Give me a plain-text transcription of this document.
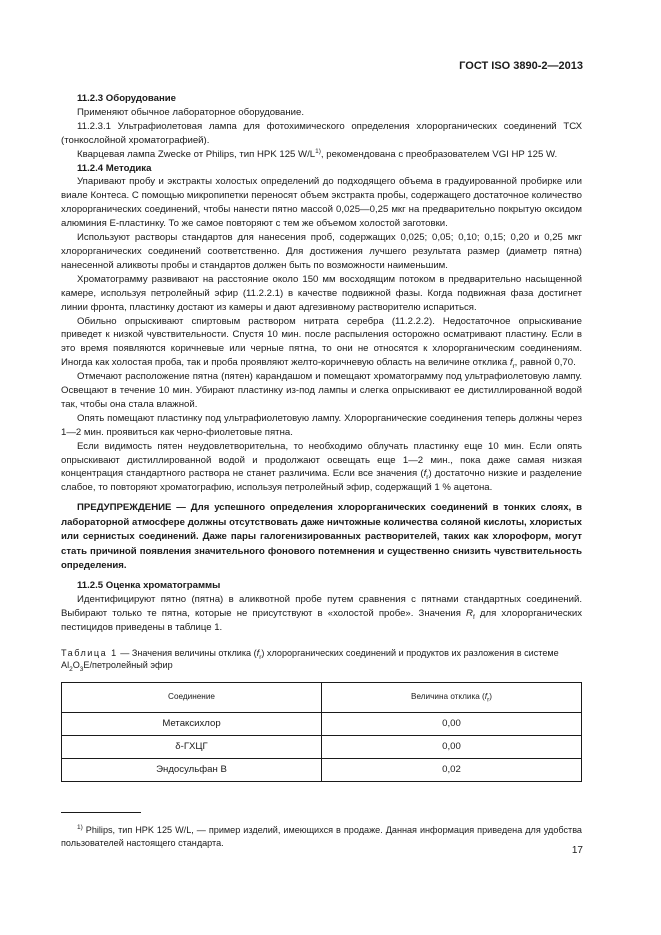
ГОСТ ISO 3890-2—2013

11.2.3 Оборудование

Применяют обычное лабораторное оборудование.

11.2.3.1 Ультрафиолетовая лампа для фотохимического определения хлорорганических соединений ТСХ (тонкослойной хроматографией).

Кварцевая лампа Zwecke от Philips, тип HPK 125 $W/L^{1)}$, рекомендована с преобразователем VGI HP 125 W.

11.2.4 Методика

Упаривают пробу и экстракты холостых определений до подходящего объема в градуированной пробирке или виале Контеса. С помощью микропипетки переносят объем экстракта пробы, содержащего достаточное количество хлорорганических соединений, чтобы нанести пятно массой 0,025—0,25 мкг на предварительно покрытую оксидом алюминия Е-пластинку. То же самое повторяют с тем же объемом холостой заготовки.

Используют растворы стандартов для нанесения проб, содержащих 0,025; 0,05; 0,10; 0,15; 0,20 и 0,25 мкг хлорорганических соединений соответственно. Для достижения лучшего результата размер (диаметр пятна) нанесенной аликвоты пробы и стандартов должен быть по возможности наименьшим.

Хроматограмму развивают на расстояние около 150 мм восходящим потоком в предварительно насыщенной камере, используя петролейный эфир (11.2.2.1) в качестве подвижной фазы. Когда подвижная фаза достигнет линии фронта, пластинку достают из камеры и дают адгезивному растворителю испариться.

Обильно опрыскивают спиртовым раствором нитрата серебра (11.2.2.2). Недостаточное опрыскивание приведет к низкой чувствительности. Спустя 10 мин. после распыления осторожно осматривают пластину. Если в это время появляются коричневые или черные пятна, то они не относятся к хлорорганическим соединениям. Иногда как холостая проба, так и проба проявляют желто-коричневую область на величине отклика $f_r$, равной 0,70.

Отмечают расположение пятна (пятен) карандашом и помещают хроматограмму под ультрафиолетовую лампу. Освещают в течение 10 мин. Убирают пластинку из-под лампы и слегка опрыскивают ее дистиллированной водой так, чтобы она стала влажной.

Опять помещают пластинку под ультрафиолетовую лампу. Хлорорганические соединения теперь должны через 1—2 мин. проявиться как черно-фиолетовые пятна.

Если видимость пятен неудовлетворительна, то необходимо облучать пластинку еще 10 мин. Если опять опрыскивают дистиллированной водой и продолжают освещать еще 1—2 мин., пока даже самая низкая концентрация стандартного раствора не станет различима. Если все значения $(f_r)$ достаточно низкие и разделение слабое, то повторяют хроматографию, используя петролейный эфир, содержащий 1 % ацетона.

ПРЕДУПРЕЖДЕНИЕ — Для успешного определения хлорорганических соединений в тонких слоях, в лабораторной атмосфере должны отсутствовать даже ничтожные количества соляной кислоты, хлористых или сернистых соединений. Даже пары галогенизированных растворителей, таких как хлороформ, могут стать причиной появления значительного фонового потемнения и существенно снизить чувствительность определения.

11.2.5 Оценка хроматограммы

Идентифицируют пятно (пятна) в аликвотной пробе путем сравнения с пятнами стандартных соединений. Выбирают только те пятна, которые не присутствуют в «холостой пробе». Значения $R_f$ для хлорорганических пестицидов приведены в таблице 1.

Таблица 1 — Значения величины отклика $(f_r)$ хлорорганических соединений и продуктов их разложения в системе $Al_2O_3Е$/петролейный эфир

Соединение	Величина отклика $(f_r)$
Метаксихлор	0,00
δ-ГХЦГ	0,00
Эндосульфан В	0,02

$^{1)}$ Philips, тип HPK 125 W/L, — пример изделий, имеющихся в продаже. Данная информация приведена для удобства пользователей настоящего стандарта.

17
